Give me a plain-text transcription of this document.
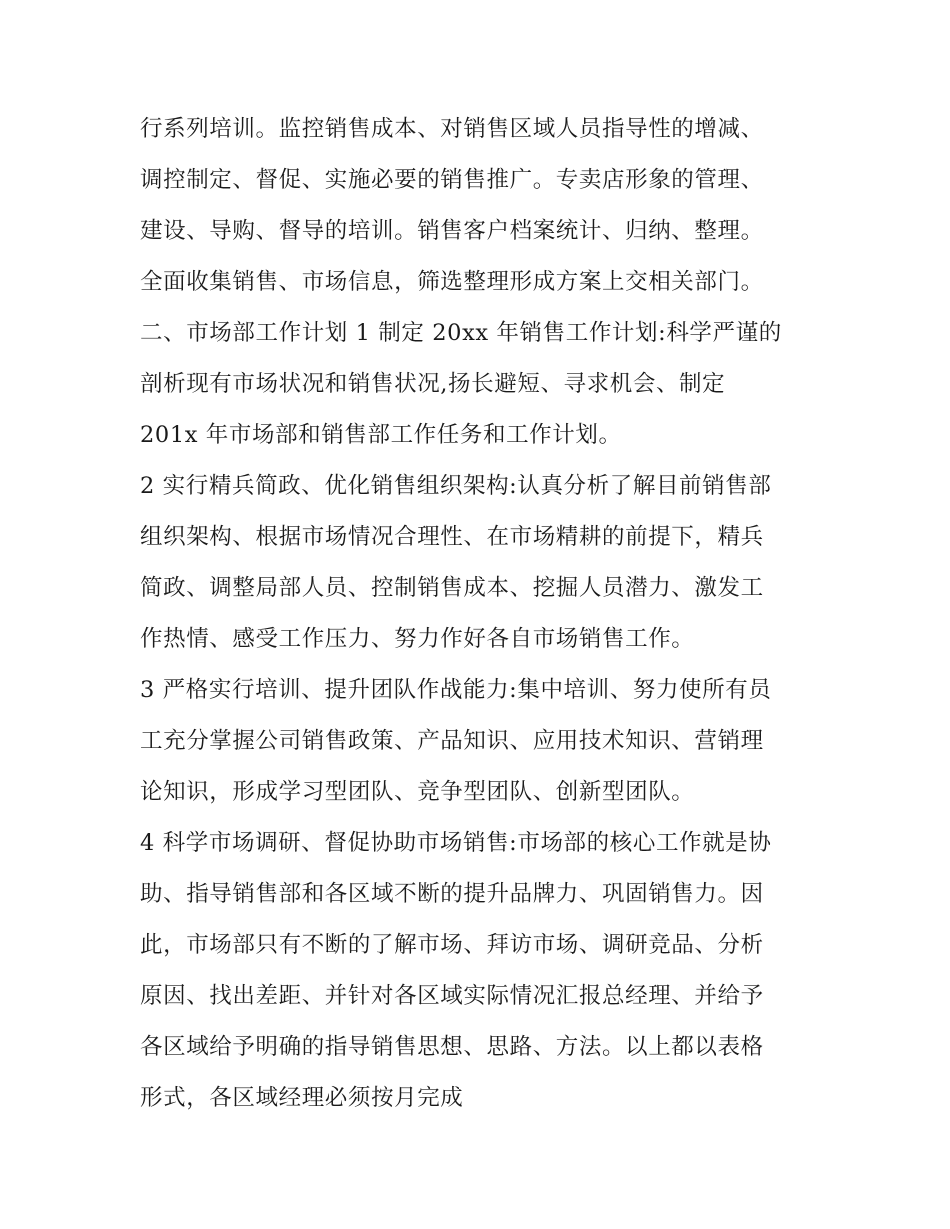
行系列培训。监控销售成本、对销售区域人员指导性的增减、
调控制定、督促、实施必要的销售推广。专卖店形象的管理、
建设、导购、督导的培训。销售客户档案统计、归纳、整理。
全面收集销售、市场信息，筛选整理形成方案上交相关部门。
二、市场部工作计划 1 制定 20xx 年销售工作计划:科学严谨的
剖析现有市场状况和销售状况,扬长避短、寻求机会、制定
201x 年市场部和销售部工作任务和工作计划。
2 实行精兵简政、优化销售组织架构:认真分析了解目前销售部
组织架构、根据市场情况合理性、在市场精耕的前提下，精兵
简政、调整局部人员、控制销售成本、挖掘人员潜力、激发工
作热情、感受工作压力、努力作好各自市场销售工作。
3 严格实行培训、提升团队作战能力:集中培训、努力使所有员
工充分掌握公司销售政策、产品知识、应用技术知识、营销理
论知识，形成学习型团队、竞争型团队、创新型团队。
4 科学市场调研、督促协助市场销售:市场部的核心工作就是协
助、指导销售部和各区域不断的提升品牌力、巩固销售力。因
此，市场部只有不断的了解市场、拜访市场、调研竞品、分析
原因、找出差距、并针对各区域实际情况汇报总经理、并给予
各区域给予明确的指导销售思想、思路、方法。以上都以表格
形式，各区域经理必须按月完成
